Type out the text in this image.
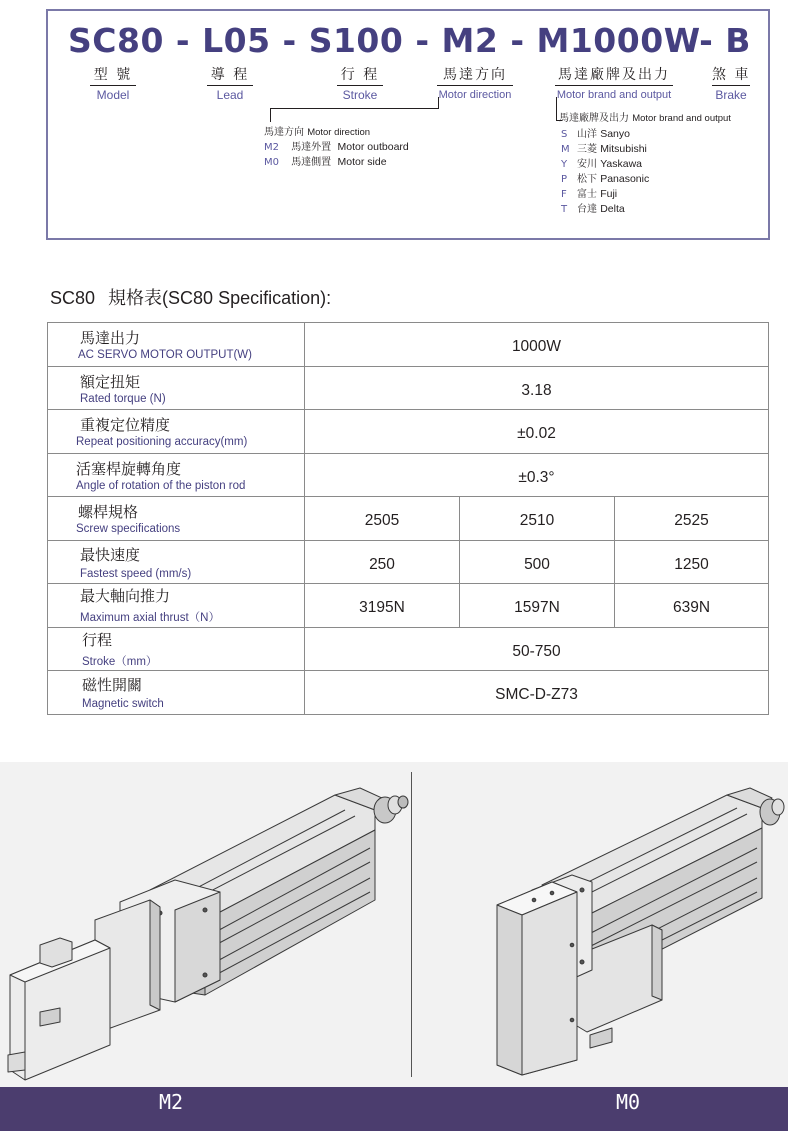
SC80 - L05 - S100 - M2 - M1000W- B
型 號
Model
導 程
Lead
行 程
Stroke
馬達方向
Motor direction
馬達廠牌及出力
Motor brand and output
煞 車
Brake
馬達方向 Motor direction
M2 馬達外置 Motor outboard
M0 馬達側置 Motor side
馬達廠牌及出力 Motor brand and output
S 山洋 Sanyo
M 三菱 Mitsubishi
Y 安川 Yaskawa
P 松下 Panasonic
F 富士 Fuji
T 台達 Delta
SC80 規格表(SC80 Specification):
馬達出力
AC SERVO MOTOR OUTPUT(W)	1000W		

額定扭矩
Rated torque (N)	3.18		

重複定位精度
Repeat positioning accuracy(mm)	±0.02		

活塞桿旋轉角度
Angle of rotation of the piston rod	±0.3°		

螺桿規格
Screw specifications	2505	2510	2525

最快速度
Fastest speed (mm/s)	250	500	1250

最大軸向推力
Maximum axial thrust（N）	3195N	1597N	639N

行程
Stroke（mm）	50-750		

磁性開關
Magnetic switch	SMC-D-Z73		
M2	M0
